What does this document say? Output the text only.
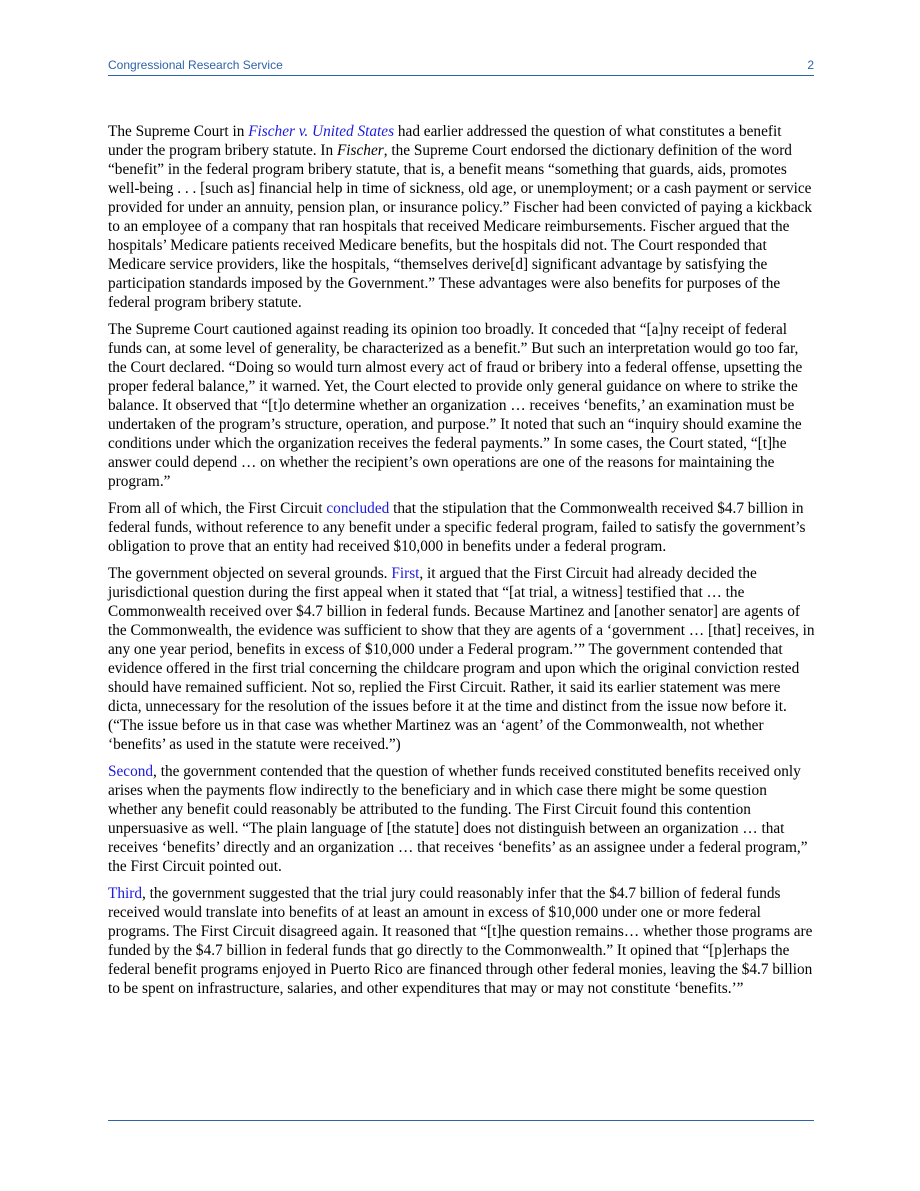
Congressional Research Service	2

The Supreme Court in Fischer v. United States had earlier addressed the question of what constitutes a benefit under the program bribery statute. In Fischer, the Supreme Court endorsed the dictionary definition of the word “benefit” in the federal program bribery statute, that is, a benefit means “something that guards, aids, promotes well-being . . . [such as] financial help in time of sickness, old age, or unemployment; or a cash payment or service provided for under an annuity, pension plan, or insurance policy.” Fischer had been convicted of paying a kickback to an employee of a company that ran hospitals that received Medicare reimbursements. Fischer argued that the hospitals’ Medicare patients received Medicare benefits, but the hospitals did not. The Court responded that Medicare service providers, like the hospitals, “themselves derive[d] significant advantage by satisfying the participation standards imposed by the Government.” These advantages were also benefits for purposes of the federal program bribery statute.

The Supreme Court cautioned against reading its opinion too broadly. It conceded that “[a]ny receipt of federal funds can, at some level of generality, be characterized as a benefit.” But such an interpretation would go too far, the Court declared. “Doing so would turn almost every act of fraud or bribery into a federal offense, upsetting the proper federal balance,” it warned. Yet, the Court elected to provide only general guidance on where to strike the balance. It observed that “[t]o determine whether an organization … receives ‘benefits,’ an examination must be undertaken of the program’s structure, operation, and purpose.” It noted that such an “inquiry should examine the conditions under which the organization receives the federal payments.” In some cases, the Court stated, “[t]he answer could depend … on whether the recipient’s own operations are one of the reasons for maintaining the program.”

From all of which, the First Circuit concluded that the stipulation that the Commonwealth received $4.7 billion in federal funds, without reference to any benefit under a specific federal program, failed to satisfy the government’s obligation to prove that an entity had received $10,000 in benefits under a federal program.

The government objected on several grounds. First, it argued that the First Circuit had already decided the jurisdictional question during the first appeal when it stated that “[at trial, a witness] testified that … the Commonwealth received over $4.7 billion in federal funds. Because Martinez and [another senator] are agents of the Commonwealth, the evidence was sufficient to show that they are agents of a ‘government … [that] receives, in any one year period, benefits in excess of $10,000 under a Federal program.’” The government contended that evidence offered in the first trial concerning the childcare program and upon which the original conviction rested should have remained sufficient. Not so, replied the First Circuit. Rather, it said its earlier statement was mere dicta, unnecessary for the resolution of the issues before it at the time and distinct from the issue now before it. (“The issue before us in that case was whether Martinez was an ‘agent’ of the Commonwealth, not whether ‘benefits’ as used in the statute were received.”)

Second, the government contended that the question of whether funds received constituted benefits received only arises when the payments flow indirectly to the beneficiary and in which case there might be some question whether any benefit could reasonably be attributed to the funding. The First Circuit found this contention unpersuasive as well. “The plain language of [the statute] does not distinguish between an organization … that receives ‘benefits’ directly and an organization … that receives ‘benefits’ as an assignee under a federal program,” the First Circuit pointed out.

Third, the government suggested that the trial jury could reasonably infer that the $4.7 billion of federal funds received would translate into benefits of at least an amount in excess of $10,000 under one or more federal programs. The First Circuit disagreed again. It reasoned that “[t]he question remains… whether those programs are funded by the $4.7 billion in federal funds that go directly to the Commonwealth.” It opined that “[p]erhaps the federal benefit programs enjoyed in Puerto Rico are financed through other federal monies, leaving the $4.7 billion to be spent on infrastructure, salaries, and other expenditures that may or may not constitute ‘benefits.’”
